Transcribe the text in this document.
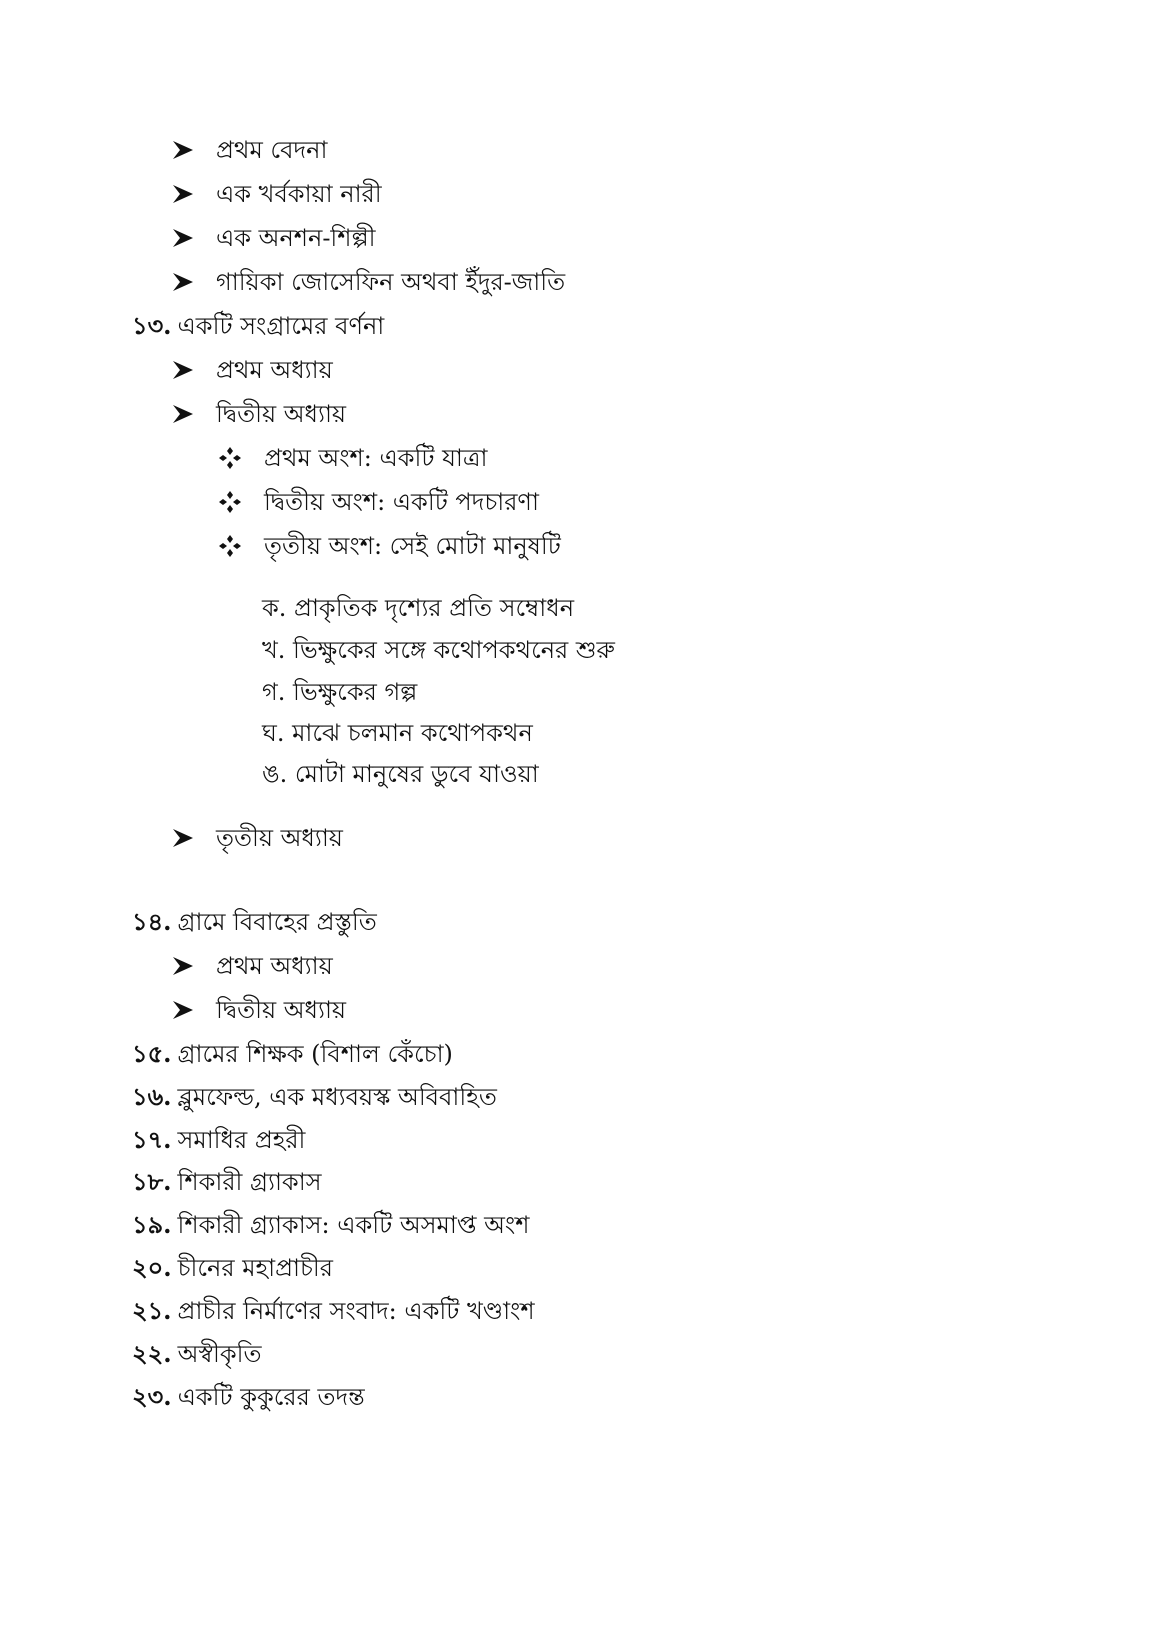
প্রথম বেদনা
এক খর্বকায়া নারী
এক অনশন-শিল্পী
গায়িকা জোসেফিন অথবা ইঁদুর-জাতি
১৩. একটি সংগ্রামের বর্ণনা
প্রথম অধ্যায়
দ্বিতীয় অধ্যায়
প্রথম অংশ: একটি যাত্রা
দ্বিতীয় অংশ: একটি পদচারণা
তৃতীয় অংশ: সেই মোটা মানুষটি
ক. প্রাকৃতিক দৃশ্যের প্রতি সম্বোধন
খ. ভিক্ষুকের সঙ্গে কথোপকথনের শুরু
গ. ভিক্ষুকের গল্প
ঘ. মাঝে চলমান কথোপকথন
ঙ. মোটা মানুষের ডুবে যাওয়া
তৃতীয় অধ্যায়
১৪. গ্রামে বিবাহের প্রস্তুতি
প্রথম অধ্যায়
দ্বিতীয় অধ্যায়
১৫. গ্রামের শিক্ষক (বিশাল কেঁচো)
১৬. ব্লুমফেল্ড, এক মধ্যবয়স্ক অবিবাহিত
১৭. সমাধির প্রহরী
১৮. শিকারী গ্র্যাকাস
১৯. শিকারী গ্র্যাকাস: একটি অসমাপ্ত অংশ
২০. চীনের মহাপ্রাচীর
২১. প্রাচীর নির্মাণের সংবাদ: একটি খণ্ডাংশ
২২. অস্বীকৃতি
২৩. একটি কুকুরের তদন্ত
